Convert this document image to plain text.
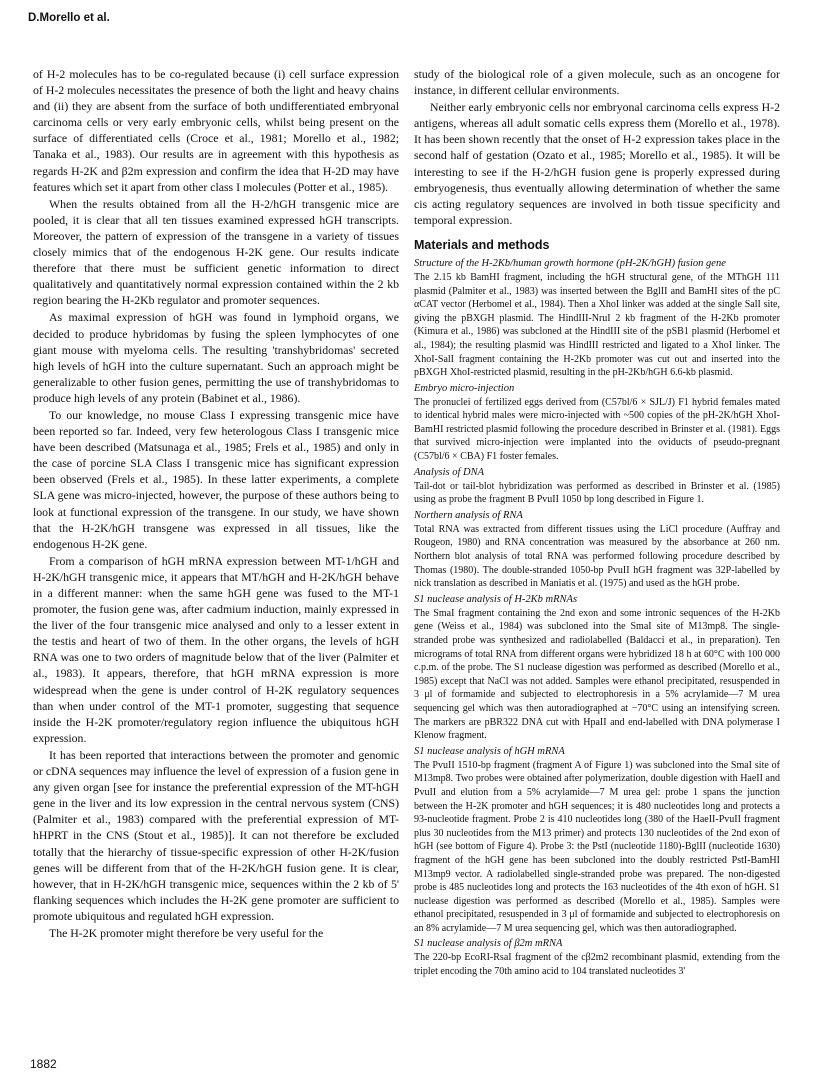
D.Morello et al.

of H-2 molecules has to be co-regulated because (i) cell surface expression of H-2 molecules necessitates the presence of both the light and heavy chains and (ii) they are absent from the surface of both undifferentiated embryonal carcinoma cells or very early embryonic cells, whilst being present on the surface of differentiated cells (Croce et al., 1981; Morello et al., 1982; Tanaka et al., 1983). Our results are in agreement with this hypothesis as regards H-2K and β2m expression and confirm the idea that H-2D may have features which set it apart from other class I molecules (Potter et al., 1985).

When the results obtained from all the H-2/hGH transgenic mice are pooled, it is clear that all ten tissues examined expressed hGH transcripts. Moreover, the pattern of expression of the transgene in a variety of tissues closely mimics that of the endogenous H-2K gene. Our results indicate therefore that there must be sufficient genetic information to direct qualitatively and quantitatively normal expression contained within the 2 kb region bearing the H-2Kb regulator and promoter sequences.

As maximal expression of hGH was found in lymphoid organs, we decided to produce hybridomas by fusing the spleen lymphocytes of one giant mouse with myeloma cells. The resulting 'transhybridomas' secreted high levels of hGH into the culture supernatant. Such an approach might be generalizable to other fusion genes, permitting the use of transhybridomas to produce high levels of any protein (Babinet et al., 1986).

To our knowledge, no mouse Class I expressing transgenic mice have been reported so far. Indeed, very few heterologous Class I transgenic mice have been described (Matsunaga et al., 1985; Frels et al., 1985) and only in the case of porcine SLA Class I transgenic mice has significant expression been observed (Frels et al., 1985). In these latter experiments, a complete SLA gene was micro-injected, however, the purpose of these authors being to look at functional expression of the transgene. In our study, we have shown that the H-2K/hGH transgene was expressed in all tissues, like the endogenous H-2K gene.

From a comparison of hGH mRNA expression between MT-1/hGH and H-2K/hGH transgenic mice, it appears that MT/hGH and H-2K/hGH behave in a different manner: when the same hGH gene was fused to the MT-1 promoter, the fusion gene was, after cadmium induction, mainly expressed in the liver of the four transgenic mice analysed and only to a lesser extent in the testis and heart of two of them. In the other organs, the levels of hGH RNA was one to two orders of magnitude below that of the liver (Palmiter et al., 1983). It appears, therefore, that hGH mRNA expression is more widespread when the gene is under control of H-2K regulatory sequences than when under control of the MT-1 promoter, suggesting that sequence inside the H-2K promoter/regulatory region influence the ubiquitous hGH expression.

It has been reported that interactions between the promoter and genomic or cDNA sequences may influence the level of expression of a fusion gene in any given organ [see for instance the preferential expression of the MT-hGH gene in the liver and its low expression in the central nervous system (CNS) (Palmiter et al., 1983) compared with the preferential expression of MT-hHPRT in the CNS (Stout et al., 1985)]. It can not therefore be excluded totally that the hierarchy of tissue-specific expression of other H-2K/fusion genes will be different from that of the H-2K/hGH fusion gene. It is clear, however, that in H-2K/hGH transgenic mice, sequences within the 2 kb of 5' flanking sequences which includes the H-2K gene promoter are sufficient to promote ubiquitous and regulated hGH expression.

The H-2K promoter might therefore be very useful for the

study of the biological role of a given molecule, such as an oncogene for instance, in different cellular environments.

Neither early embryonic cells nor embryonal carcinoma cells express H-2 antigens, whereas all adult somatic cells express them (Morello et al., 1978). It has been shown recently that the onset of H-2 expression takes place in the second half of gestation (Ozato et al., 1985; Morello et al., 1985). It will be interesting to see if the H-2/hGH fusion gene is properly expressed during embryogenesis, thus eventually allowing determination of whether the same cis acting regulatory sequences are involved in both tissue specificity and temporal expression.

Materials and methods
Structure of the H-2Kb/human growth hormone (pH-2K/hGH) fusion gene

The 2.15 kb BamHI fragment, including the hGH structural gene, of the MThGH 111 plasmid (Palmiter et al., 1983) was inserted between the BglII and BamHI sites of the pC αCAT vector (Herbomel et al., 1984). Then a XhoI linker was added at the single SalI site, giving the pBXGH plasmid. The HindIII-NruI 2 kb fragment of the H-2Kb promoter (Kimura et al., 1986) was subcloned at the HindIII site of the pSB1 plasmid (Herbomel et al., 1984); the resulting plasmid was HindIII restricted and ligated to a XhoI linker. The XhoI-SalI fragment containing the H-2Kb promoter was cut out and inserted into the pBXGH XhoI-restricted plasmid, resulting in the pH-2Kb/hGH 6.6-kb plasmid.

Embryo micro-injection

The pronuclei of fertilized eggs derived from (C57bl/6 × SJL/J) F1 hybrid females mated to identical hybrid males were micro-injected with ~500 copies of the pH-2K/hGH XhoI-BamHI restricted plasmid following the procedure described in Brinster et al. (1981). Eggs that survived micro-injection were implanted into the oviducts of pseudo-pregnant (C57bl/6 × CBA) F1 foster females.

Analysis of DNA

Tail-dot or tail-blot hybridization was performed as described in Brinster et al. (1985) using as probe the fragment B PvuII 1050 bp long described in Figure 1.

Northern analysis of RNA

Total RNA was extracted from different tissues using the LiCl procedure (Auffray and Rougeon, 1980) and RNA concentration was measured by the absorbance at 260 nm. Northern blot analysis of total RNA was performed following procedure described by Thomas (1980). The double-stranded 1050-bp PvuII hGH fragment was 32P-labelled by nick translation as described in Maniatis et al. (1975) and used as the hGH probe.

S1 nuclease analysis of H-2Kb mRNAs

The SmaI fragment containing the 2nd exon and some intronic sequences of the H-2Kb gene (Weiss et al., 1984) was subcloned into the SmaI site of M13mp8. The single-stranded probe was synthesized and radiolabelled (Baldacci et al., in preparation). Ten micrograms of total RNA from different organs were hybridized 18 h at 60°C with 100 000 c.p.m. of the probe. The S1 nuclease digestion was performed as described (Morello et al., 1985) except that NaCl was not added. Samples were ethanol precipitated, resuspended in 3 μl of formamide and subjected to electrophoresis in a 5% acrylamide—7 M urea sequencing gel which was then autoradiographed at −70°C using an intensifying screen. The markers are pBR322 DNA cut with HpaII and end-labelled with DNA polymerase I Klenow fragment.

S1 nuclease analysis of hGH mRNA

The PvuII 1510-bp fragment (fragment A of Figure 1) was subcloned into the SmaI site of M13mp8. Two probes were obtained after polymerization, double digestion with HaeII and PvuII and elution from a 5% acrylamide—7 M urea gel: probe 1 spans the junction between the H-2K promoter and hGH sequences; it is 480 nucleotides long and protects a 93-nucleotide fragment. Probe 2 is 410 nucleotides long (380 of the HaeII-PvuII fragment plus 30 nucleotides from the M13 primer) and protects 130 nucleotides of the 2nd exon of hGH (see bottom of Figure 4). Probe 3: the PstI (nucleotide 1180)-BglII (nucleotide 1630) fragment of the hGH gene has been subcloned into the doubly restricted PstI-BamHI M13mp9 vector. A radiolabelled single-stranded probe was prepared. The non-digested probe is 485 nucleotides long and protects the 163 nucleotides of the 4th exon of hGH. S1 nuclease digestion was performed as described (Morello et al., 1985). Samples were ethanol precipitated, resuspended in 3 μl of formamide and subjected to electrophoresis on an 8% acrylamide—7 M urea sequencing gel, which was then autoradiographed.

S1 nuclease analysis of β2m mRNA

The 220-bp EcoRI-RsaI fragment of the cβ2m2 recombinant plasmid, extending from the triplet encoding the 70th amino acid to 104 translated nucleotides 3'

1882
